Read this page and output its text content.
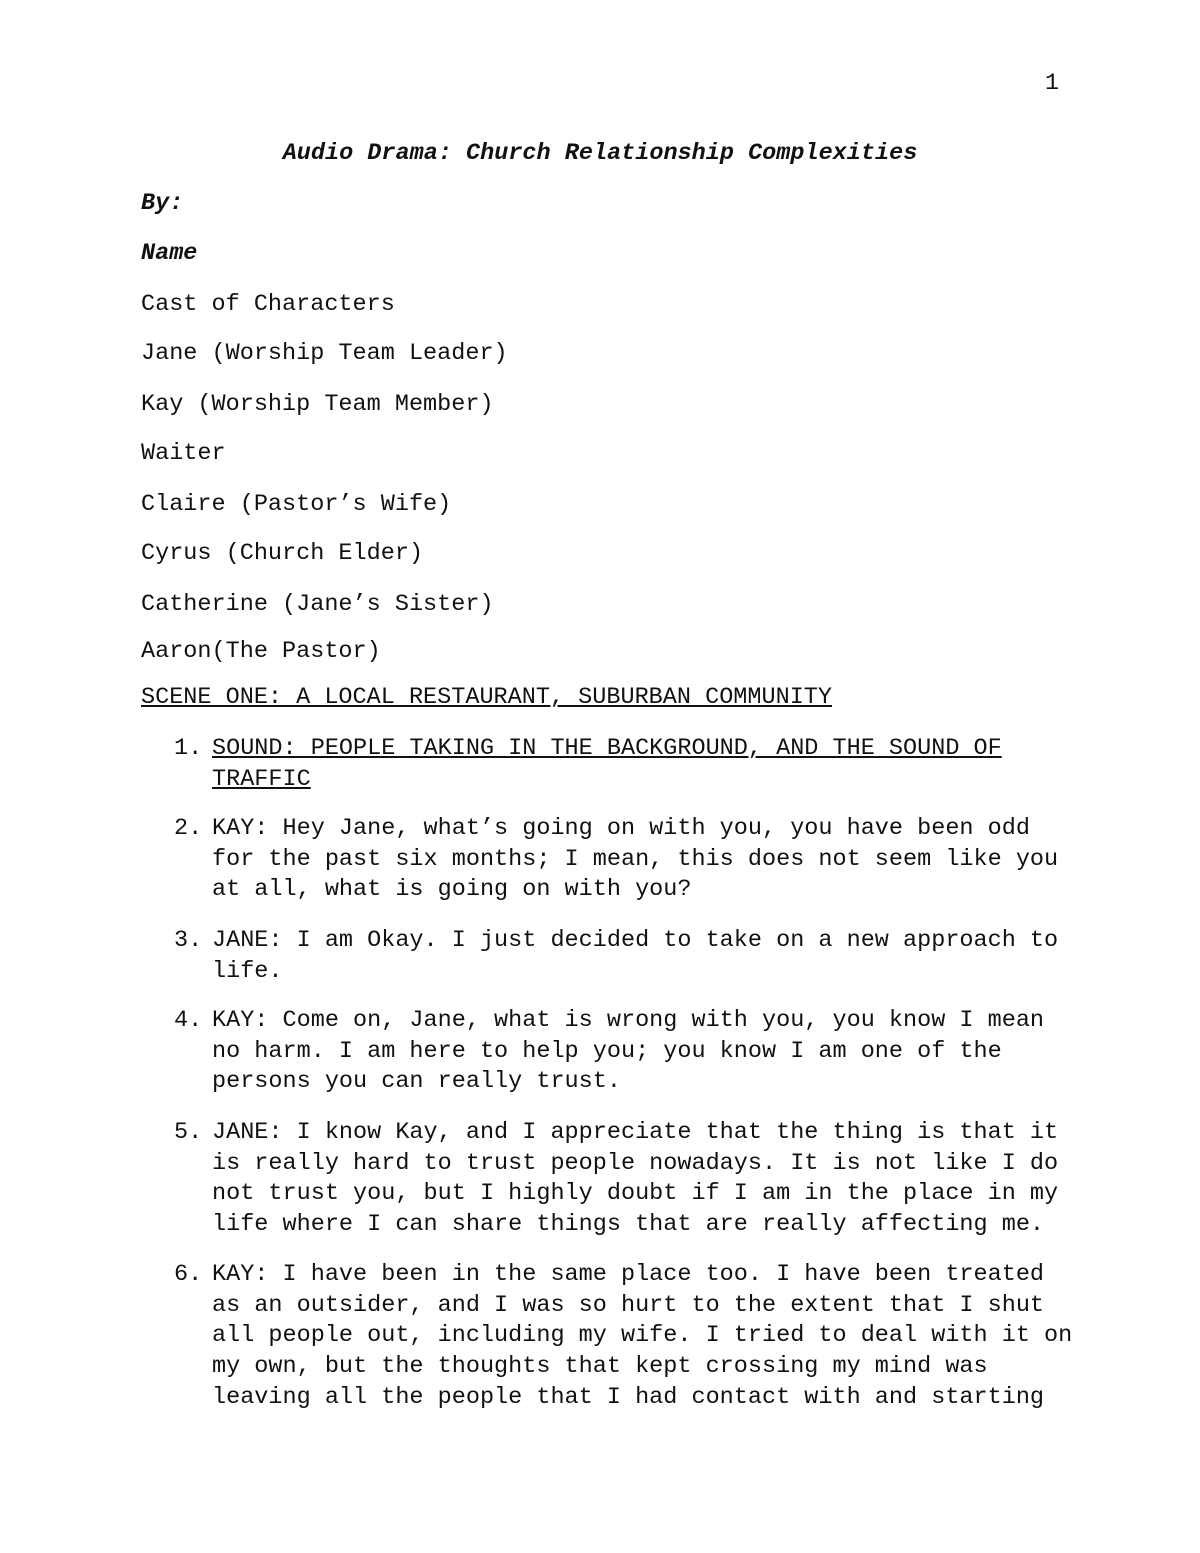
1

Audio Drama: Church Relationship Complexities

By:

Name

Cast of Characters

Jane (Worship Team Leader)

Kay (Worship Team Member)

Waiter

Claire (Pastor’s Wife)

Cyrus (Church Elder)

Catherine (Jane’s Sister)

Aaron(The Pastor)

SCENE ONE: A LOCAL RESTAURANT, SUBURBAN COMMUNITY

1. SOUND: PEOPLE TAKING IN THE BACKGROUND, AND THE SOUND OF TRAFFIC
2. KAY: Hey Jane, what’s going on with you, you have been odd for the past six months; I mean, this does not seem like you at all, what is going on with you?
3. JANE: I am Okay. I just decided to take on a new approach to life.
4. KAY: Come on, Jane, what is wrong with you, you know I mean no harm. I am here to help you; you know I am one of the persons you can really trust.
5. JANE: I know Kay, and I appreciate that the thing is that it is really hard to trust people nowadays. It is not like I do not trust you, but I highly doubt if I am in the place in my life where I can share things that are really affecting me.
6. KAY: I have been in the same place too. I have been treated as an outsider, and I was so hurt to the extent that I shut all people out, including my wife. I tried to deal with it on my own, but the thoughts that kept crossing my mind was leaving all the people that I had contact with and starting
